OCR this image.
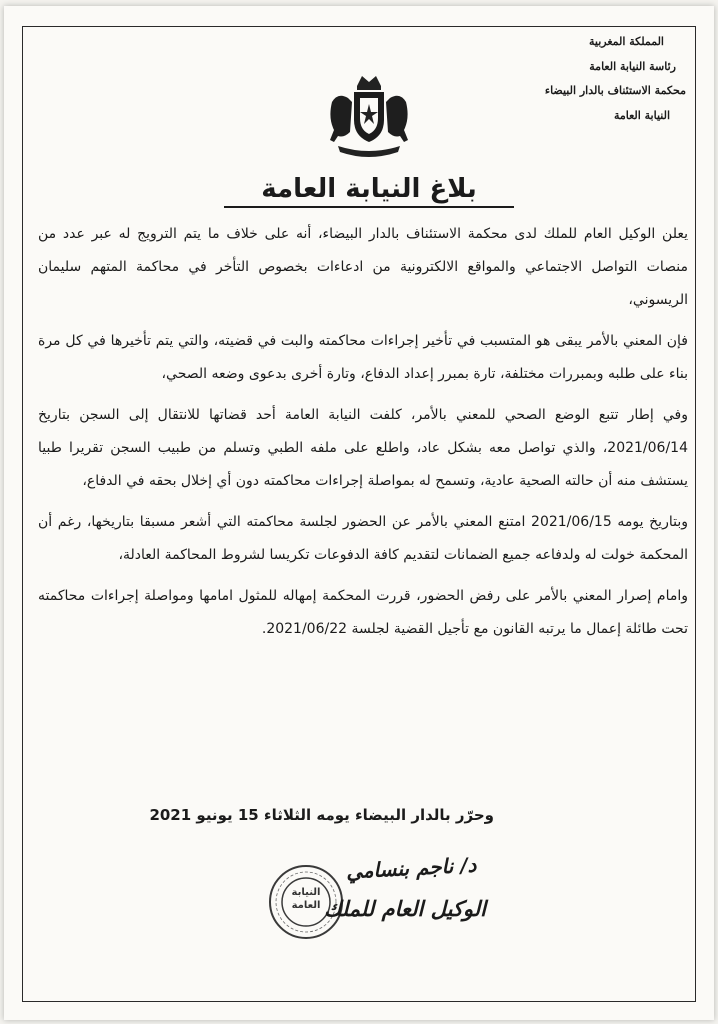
المملكة المغربية
رئاسة النيابة العامة
محكمة الاستئناف بالدار البيضاء
النيابة العامة
بلاغ النيابة العامة

يعلن الوكيل العام للملك لدى محكمة الاستئناف بالدار البيضاء، أنه على خلاف ما يتم الترويج له عبر عدد من منصات التواصل الاجتماعي والمواقع الالكترونية من ادعاءات بخصوص التأخر في محاكمة المتهم سليمان الريسوني،

فإن المعني بالأمر يبقى هو المتسبب في تأخير إجراءات محاكمته والبت في قضيته، والتي يتم تأخيرها في كل مرة بناء على طلبه وبمبررات مختلفة، تارة بمبرر إعداد الدفاع، وتارة أخرى بدعوى وضعه الصحي،

وفي إطار تتبع الوضع الصحي للمعني بالأمر، كلفت النيابة العامة أحد قضاتها للانتقال إلى السجن بتاريخ 2021/06/14، والذي تواصل معه بشكل عاد، واطلع على ملفه الطبي وتسلم من طبيب السجن تقريرا طبيا يستشف منه أن حالته الصحية عادية، وتسمح له بمواصلة إجراءات محاكمته دون أي إخلال بحقه في الدفاع،

وبتاريخ يومه 2021/06/15 امتنع المعني بالأمر عن الحضور لجلسة محاكمته التي أشعر مسبقا بتاريخها، رغم أن المحكمة خولت له ولدفاعه جميع الضمانات لتقديم كافة الدفوعات تكريسا لشروط المحاكمة العادلة،

وامام إصرار المعني بالأمر على رفض الحضور، قررت المحكمة إمهاله للمثول امامها ومواصلة إجراءات محاكمته تحت طائلة إعمال ما يرتبه القانون مع تأجيل القضية لجلسة 2021/06/22.

وحرّر بالدار البيضاء يومه الثلاثاء 15 يونيو 2021
النيابة
العامة
د/ ناجم بنسامي
الوكيل العام للملك
